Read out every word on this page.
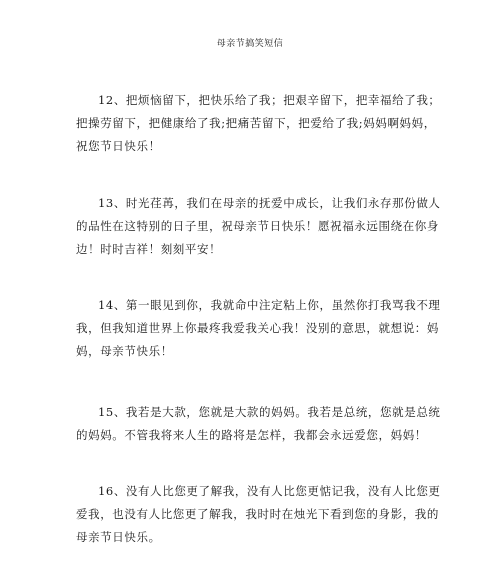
母亲节搞笑短信

12、把烦恼留下，把快乐给了我；把艰辛留下，把幸福给了我；
把操劳留下，把健康给了我;把痛苦留下，把爱给了我;妈妈啊妈妈，
祝您节日快乐！

13、时光荏苒，我们在母亲的抚爱中成长，让我们永存那份做人
的品性在这特别的日子里，祝母亲节日快乐！愿祝福永远围绕在你身
边！时时吉祥！刻刻平安！

14、第一眼见到你，我就命中注定粘上你，虽然你打我骂我不理
我，但我知道世界上你最疼我爱我关心我！没别的意思，就想说：妈
妈，母亲节快乐！

15、我若是大款，您就是大款的妈妈。我若是总统，您就是总统
的妈妈。不管我将来人生的路将是怎样，我都会永远爱您，妈妈！

16、没有人比您更了解我，没有人比您更惦记我，没有人比您更
爱我，也没有人比您更了解我，我时时在烛光下看到您的身影，我的
母亲节日快乐。
